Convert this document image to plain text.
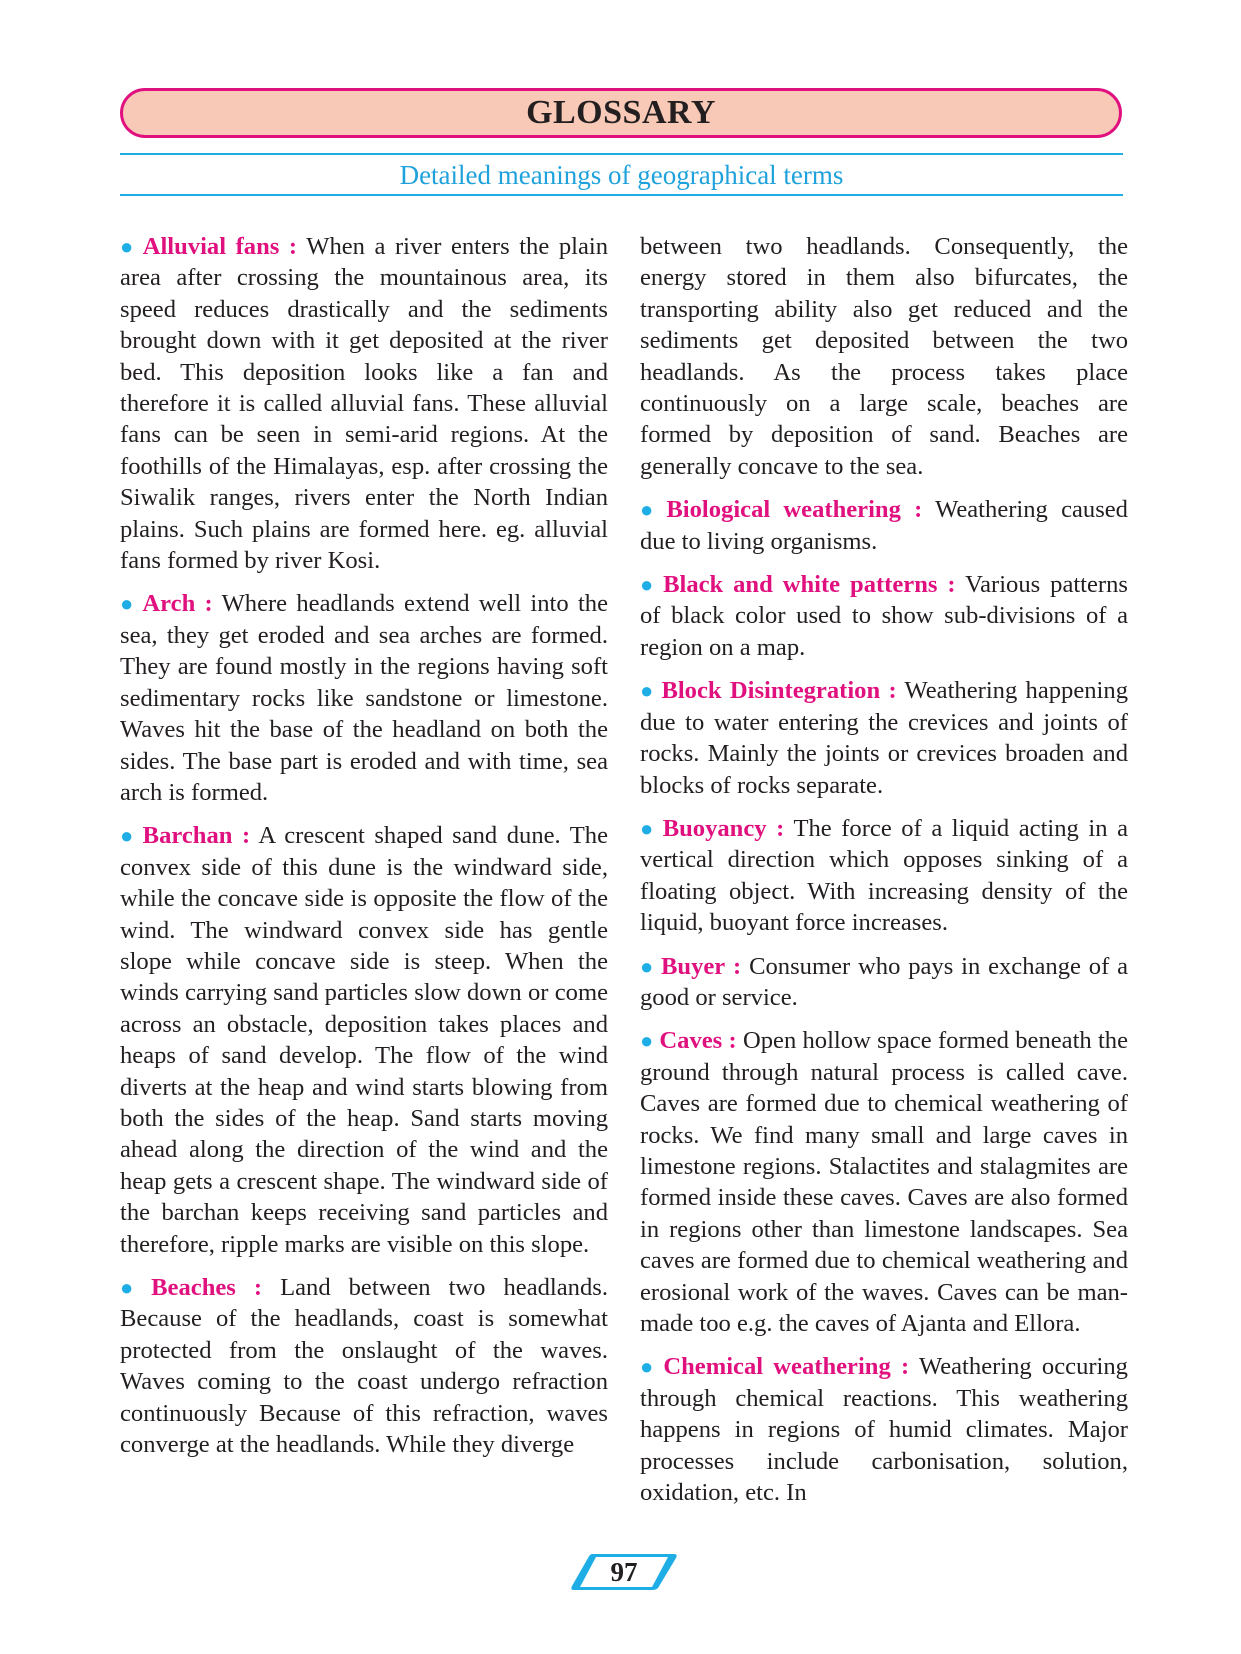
GLOSSARY
Detailed meanings of geographical terms

● Alluvial fans : When a river enters the plain area after crossing the mountainous area, its speed reduces drastically and the sediments brought down with it get deposited at the river bed. This deposition looks like a fan and therefore it is called alluvial fans. These alluvial fans can be seen in semi-arid regions. At the foothills of the Himalayas, esp. after crossing the Siwalik ranges, rivers enter the North Indian plains. Such plains are formed here. eg. alluvial fans formed by river Kosi.

● Arch : Where headlands extend well into the sea, they get eroded and sea arches are formed. They are found mostly in the regions having soft sedimentary rocks like sandstone or limestone. Waves hit the base of the headland on both the sides. The base part is eroded and with time, sea arch is formed.

● Barchan : A crescent shaped sand dune. The convex side of this dune is the windward side, while the concave side is opposite the flow of the wind. The windward convex side has gentle slope while concave side is steep. When the winds carrying sand particles slow down or come across an obstacle, deposition takes places and heaps of sand develop. The flow of the wind diverts at the heap and wind starts blowing from both the sides of the heap. Sand starts moving ahead along the direction of the wind and the heap gets a crescent shape. The windward side of the barchan keeps receiving sand particles and therefore, ripple marks are visible on this slope.

● Beaches : Land between two headlands. Because of the headlands, coast is somewhat protected from the onslaught of the waves. Waves coming to the coast undergo refraction continuously Because of this refraction, waves converge at the headlands. While they diverge

between two headlands. Consequently, the energy stored in them also bifurcates, the transporting ability also get reduced and the sediments get deposited between the two headlands. As the process takes place continuously on a large scale, beaches are formed by deposition of sand. Beaches are generally concave to the sea.

● Biological weathering : Weathering caused due to living organisms.

● Black and white patterns : Various patterns of black color used to show sub-divisions of a region on a map.

● Block Disintegration : Weathering happening due to water entering the crevices and joints of rocks. Mainly the joints or crevices broaden and blocks of rocks separate.

● Buoyancy : The force of a liquid acting in a vertical direction which opposes sinking of a floating object. With increasing density of the liquid, buoyant force increases.

● Buyer : Consumer who pays in exchange of a good or service.

● Caves : Open hollow space formed beneath the ground through natural process is called cave. Caves are formed due to chemical weathering of rocks. We find many small and large caves in limestone regions. Stalactites and stalagmites are formed inside these caves. Caves are also formed in regions other than limestone landscapes. Sea caves are formed due to chemical weathering and erosional work of the waves. Caves can be man-made too e.g. the caves of Ajanta and Ellora.

● Chemical weathering : Weathering occuring through chemical reactions. This weathering happens in regions of humid climates. Major processes include carbonisation, solution, oxidation, etc. In

97
